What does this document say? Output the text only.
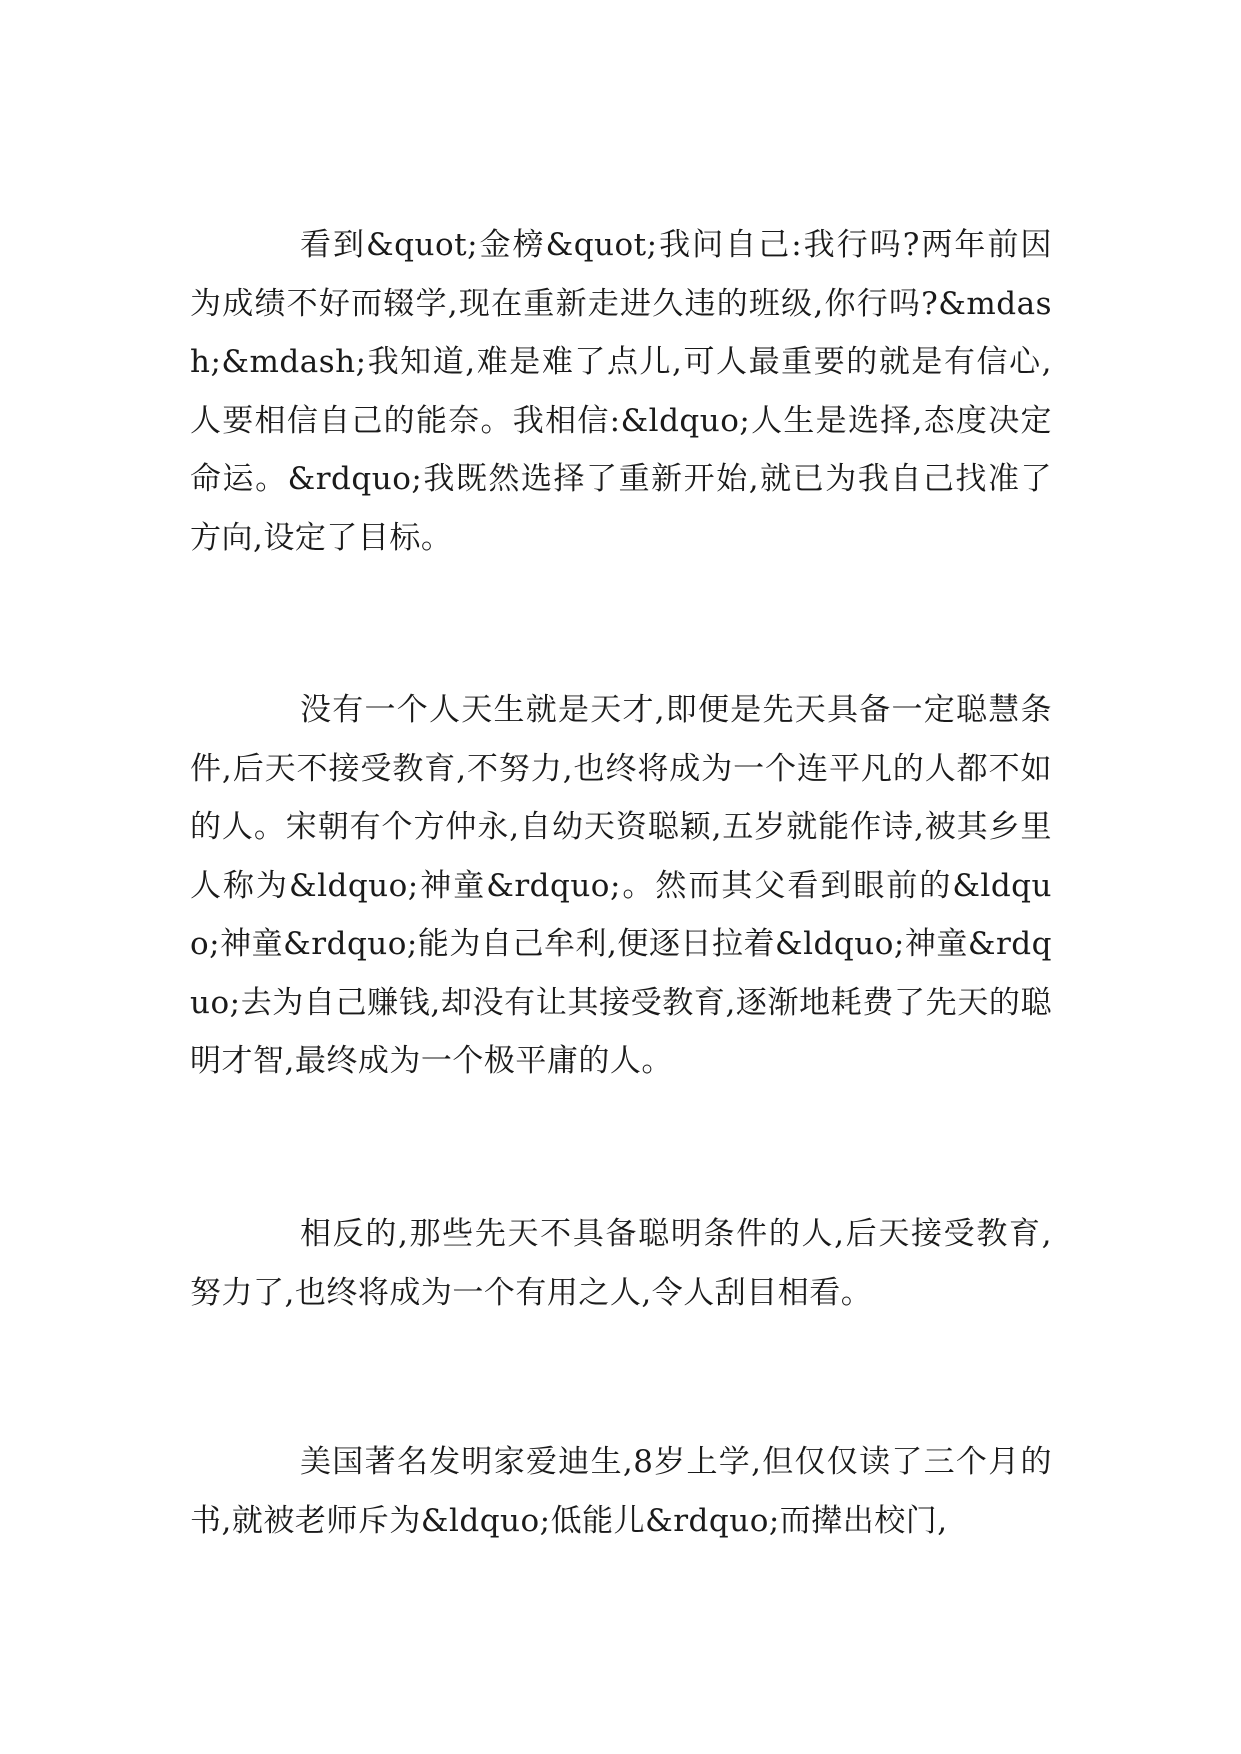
看到&quot;金榜&quot;我问自己:我行吗?两年前因为成绩不好而辍学,现在重新走进久违的班级,你行吗?&mdash;&mdash;我知道,难是难了点儿,可人最重要的就是有信心,人要相信自己的能奈。我相信:&ldquo;人生是选择,态度决定命运。&rdquo;我既然选择了重新开始,就已为我自己找准了方向,设定了目标。

没有一个人天生就是天才,即便是先天具备一定聪慧条件,后天不接受教育,不努力,也终将成为一个连平凡的人都不如的人。宋朝有个方仲永,自幼天资聪颖,五岁就能作诗,被其乡里人称为&ldquo;神童&rdquo;。然而其父看到眼前的&ldquo;神童&rdquo;能为自己牟利,便逐日拉着&ldquo;神童&rdquo;去为自己赚钱,却没有让其接受教育,逐渐地耗费了先天的聪明才智,最终成为一个极平庸的人。

相反的,那些先天不具备聪明条件的人,后天接受教育,努力了,也终将成为一个有用之人,令人刮目相看。

美国著名发明家爱迪生,8岁上学,但仅仅读了三个月的书,就被老师斥为&ldquo;低能儿&rdquo;而撵出校门,
